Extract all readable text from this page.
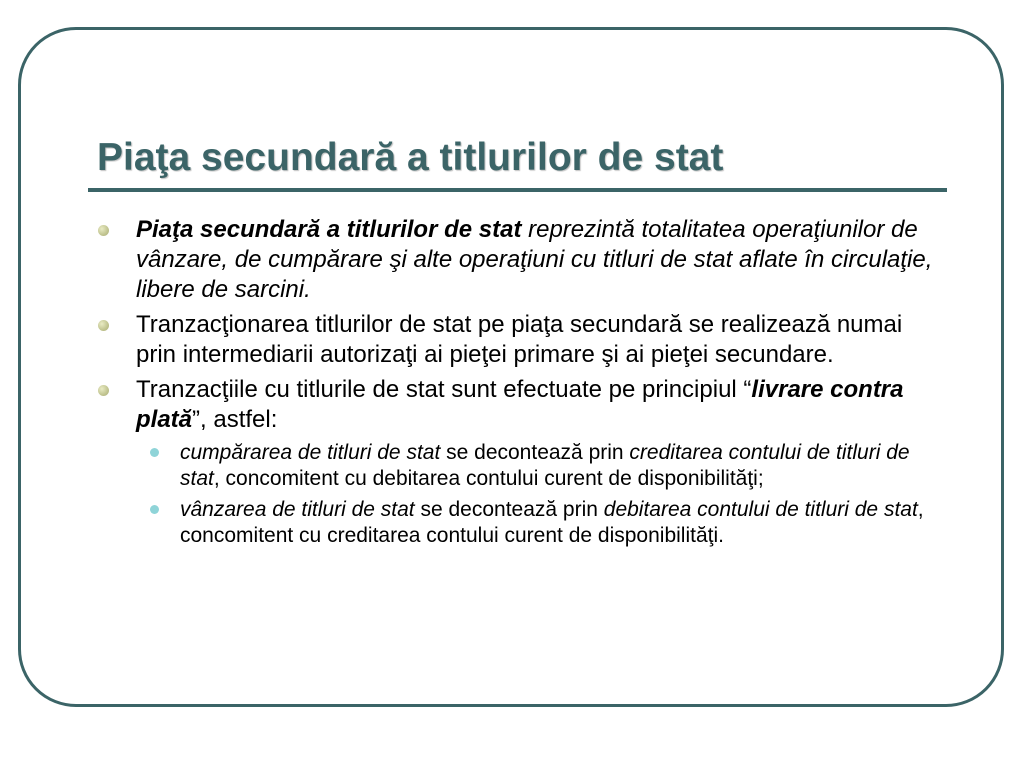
Piaţa secundară a titlurilor de stat
Piaţa secundară a titlurilor de stat reprezintă totalitatea operaţiunilor de vânzare, de cumpărare şi alte operaţiuni cu titluri de stat aflate în circulaţie, libere de sarcini.
Tranzacţionarea titlurilor de stat pe piaţa secundară se realizează numai prin intermediarii autorizaţi ai pieţei primare şi ai pieţei secundare.
Tranzacţiile cu titlurile de stat sunt efectuate pe principiul “livrare contra plată”, astfel:
cumpărarea de titluri de stat se decontează prin creditarea contului de titluri de stat, concomitent cu debitarea contului curent de disponibilităţi;
vânzarea de titluri de stat se decontează prin debitarea contului de titluri de stat, concomitent cu creditarea contului curent de disponibilităţi.
